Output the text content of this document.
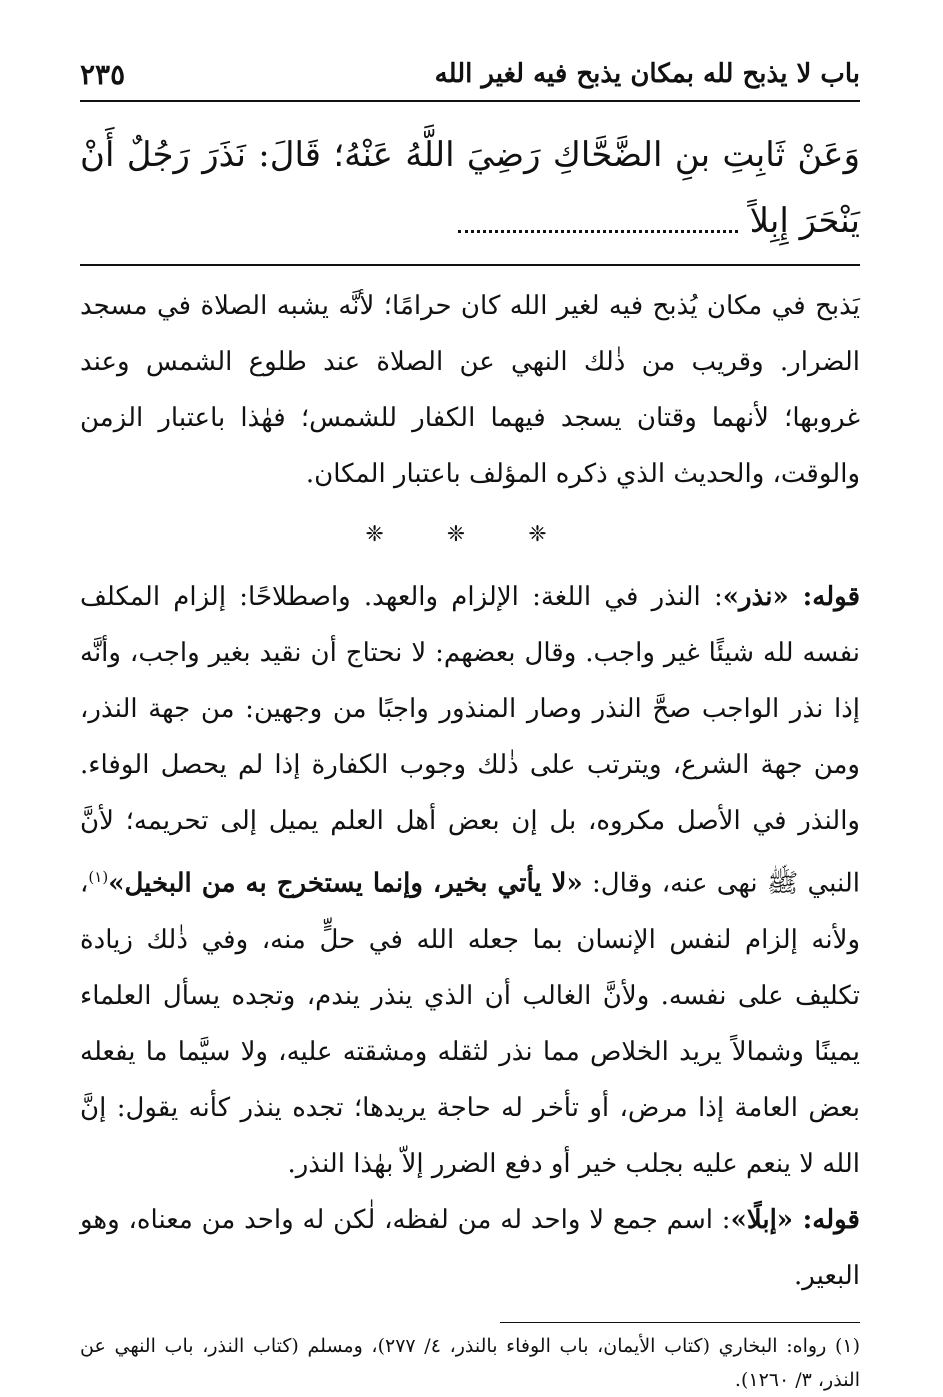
باب لا يذبح لله بمكان يذبح فيه لغير الله
٢٣٥
وَعَنْ ثَابِتِ بنِ الضَّحَّاكِ رَضِيَ اللَّهُ عَنْهُ؛ قَالَ: نَذَرَ رَجُلٌ أَنْ يَنْحَرَ إِبِلاً

يَذبح في مكان يُذبح فيه لغير الله كان حرامًا؛ لأنَّه يشبه الصلاة في مسجد الضرار. وقريب من ذٰلك النهي عن الصلاة عند طلوع الشمس وعند غروبها؛ لأنهما وقتان يسجد فيهما الكفار للشمس؛ فهٰذا باعتبار الزمن والوقت، والحديث الذي ذكره المؤلف باعتبار المكان.

❈ ❈ ❈

قوله: «نذر»: النذر في اللغة: الإلزام والعهد. واصطلاحًا: إلزام المكلف نفسه لله شيئًا غير واجب. وقال بعضهم: لا نحتاج أن نقيد بغير واجب، وأنَّه إذا نذر الواجب صحَّ النذر وصار المنذور واجبًا من وجهين: من جهة النذر، ومن جهة الشرع، ويترتب على ذٰلك وجوب الكفارة إذا لم يحصل الوفاء. والنذر في الأصل مكروه، بل إن بعض أهل العلم يميل إلى تحريمه؛ لأنَّ النبي ﷺ نهى عنه، وقال: «لا يأتي بخير، وإنما يستخرج به من البخيل»$^{(١)}$، ولأنه إلزام لنفس الإنسان بما جعله الله في حلٍّ منه، وفي ذٰلك زيادة تكليف على نفسه. ولأنَّ الغالب أن الذي ينذر يندم، وتجده يسأل العلماء يمينًا وشمالاً يريد الخلاص مما نذر لثقله ومشقته عليه، ولا سيَّما ما يفعله بعض العامة إذا مرض، أو تأخر له حاجة يريدها؛ تجده ينذر كأنه يقول: إنَّ الله لا ينعم عليه بجلب خير أو دفع الضرر إلاّ بهٰذا النذر.

قوله: «إبلًا»: اسم جمع لا واحد له من لفظه، لٰكن له واحد من معناه، وهو البعير.

(١) رواه: البخاري (كتاب الأيمان، باب الوفاء بالنذر، ٤/ ٢٧٧)، ومسلم (كتاب النذر، باب النهي عن النذر، ٣/ ١٢٦٠).
